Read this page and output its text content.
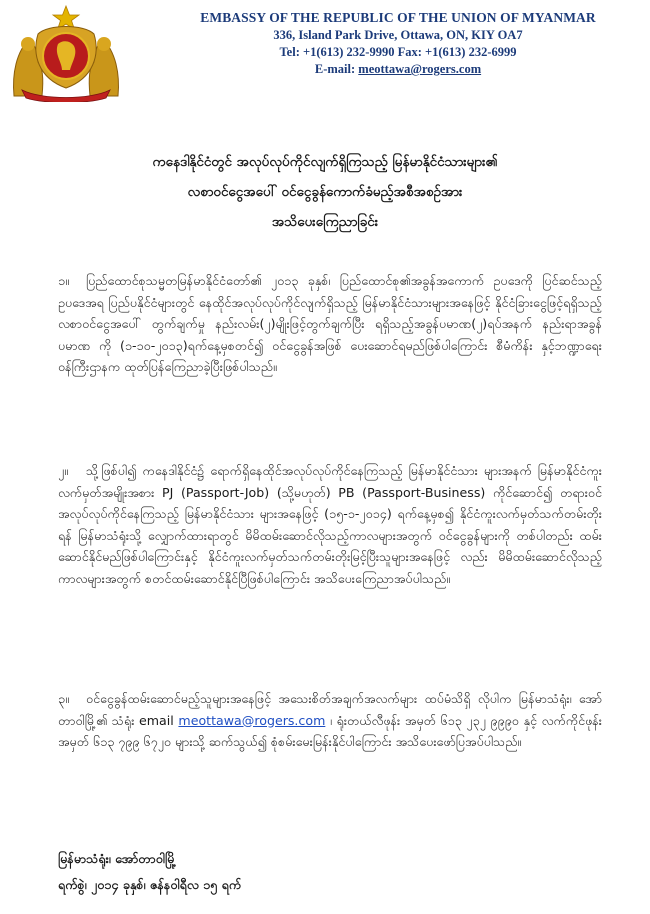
EMBASSY OF THE REPUBLIC OF THE UNION OF MYANMAR
336, Island Park Drive, Ottawa, ON, KIY OA7
Tel: +1(613) 232-9990 Fax: +1(613) 232-6999
E-mail: meottawa@rogers.com
ကနေဒါနိုင်ငံတွင် အလုပ်လုပ်ကိုင်လျက်ရှိကြသည့် မြန်မာနိုင်ငံသားများ၏
လစာဝင်ငွေအပေါ် ဝင်ငွေခွန်ကောက်ခံမည့်အစီအစဉ်အား
အသိပေးကြေညာခြင်း
၁။ ပြည်ထောင်စုသမ္မတမြန်မာနိုင်ငံတော်၏ ၂၀၁၃ ခုနှစ်၊ ပြည်ထောင်စု၏အခွန်အကောက် ဥပဒေကို ပြင်ဆင်သည့်ဥပဒေအရ ပြည်ပနိုင်ငံများတွင် နေထိုင်အလုပ်လုပ်ကိုင်လျက်ရှိသည့် မြန်မာနိုင်ငံသားများအနေဖြင့် နိုင်ငံခြားငွေဖြင့်ရရှိသည့်လစာဝင်ငွေအပေါ် တွက်ချက်မှု နည်းလမ်း(၂)မျိုးဖြင့်တွက်ချက်ပြီး ရရှိသည့်အခွန်ပမာဏ(၂)ရပ်အနက် နည်းရာအခွန်ပမာဏ ကို (၁-၁၀-၂၀၁၃)ရက်နေ့မှစတင်၍ ဝင်ငွေခွန်အဖြစ် ပေးဆောင်ရမည်ဖြစ်ပါကြောင်း စီမံကိန်း နှင့်ဘဏ္ဍာရေးဝန်ကြီးဌာနက ထုတ်ပြန်ကြေညာခဲ့ပြီးဖြစ်ပါသည်။
၂။ သို့ဖြစ်ပါ၍ ကနေဒါနိုင်ငံ၌ ရောက်ရှိနေထိုင်အလုပ်လုပ်ကိုင်နေကြသည့် မြန်မာနိုင်ငံသား များအနက် မြန်မာနိုင်ငံကူးလက်မှတ်အမျိုးအစား PJ (Passport-Job) (သို့မဟုတ်) PB (Passport-Business) ကိုင်ဆောင်၍ တရားဝင်အလုပ်လုပ်ကိုင်နေကြသည့် မြန်မာနိုင်ငံသား များအနေဖြင့် (၁၅-၁-၂၀၁၄) ရက်နေ့မှစ၍ နိုင်ငံကူးလက်မှတ်သက်တမ်းတိုးရန် မြန်မာသံရုံးသို့ လျှောက်ထားရာတွင် မိမိထမ်းဆောင်လိုသည့်ကာလများအတွက် ဝင်ငွေခွန်များကို တစ်ပါတည်း ထမ်းဆောင်နိုင်မည်ဖြစ်ပါကြောင်းနှင့် နိုင်ငံကူးလက်မှတ်သက်တမ်းတိုးမြင့်ပြီးသူများအနေဖြင့် လည်း မိမိထမ်းဆောင်လိုသည့်ကာလများအတွက် စတင်ထမ်းဆောင်နိုင်ပြီဖြစ်ပါကြောင်း အသိပေးကြေညာအပ်ပါသည်။
၃။ ဝင်ငွေခွန်ထမ်းဆောင်မည့်သူများအနေဖြင့် အသေးစိတ်အချက်အလက်များ ထပ်မံသိရှိ လိုပါက မြန်မာသံရုံး၊ အော်တာဝါမြို့၏ သံရုံး email meottawa@rogers.com ၊ ရုံးတယ်လီဖုန်း အမှတ် ၆၁၃ ၂၃၂ ၉၉၉၀ နှင့် လက်ကိုင်ဖုန်းအမှတ် ၆၁၃ ၇၉၉ ၆၇၂၀ များသို့ ဆက်သွယ်၍ စုံစမ်းမေးမြန်းနိုင်ပါကြောင်း အသိပေးဖော်ပြအပ်ပါသည်။
မြန်မာသံရုံး၊ အော်တာဝါမြို့
ရက်စွဲ၊ ၂၀၁၄ ခုနှစ်၊ ဇန်နဝါရီလ ၁၅ ရက်
